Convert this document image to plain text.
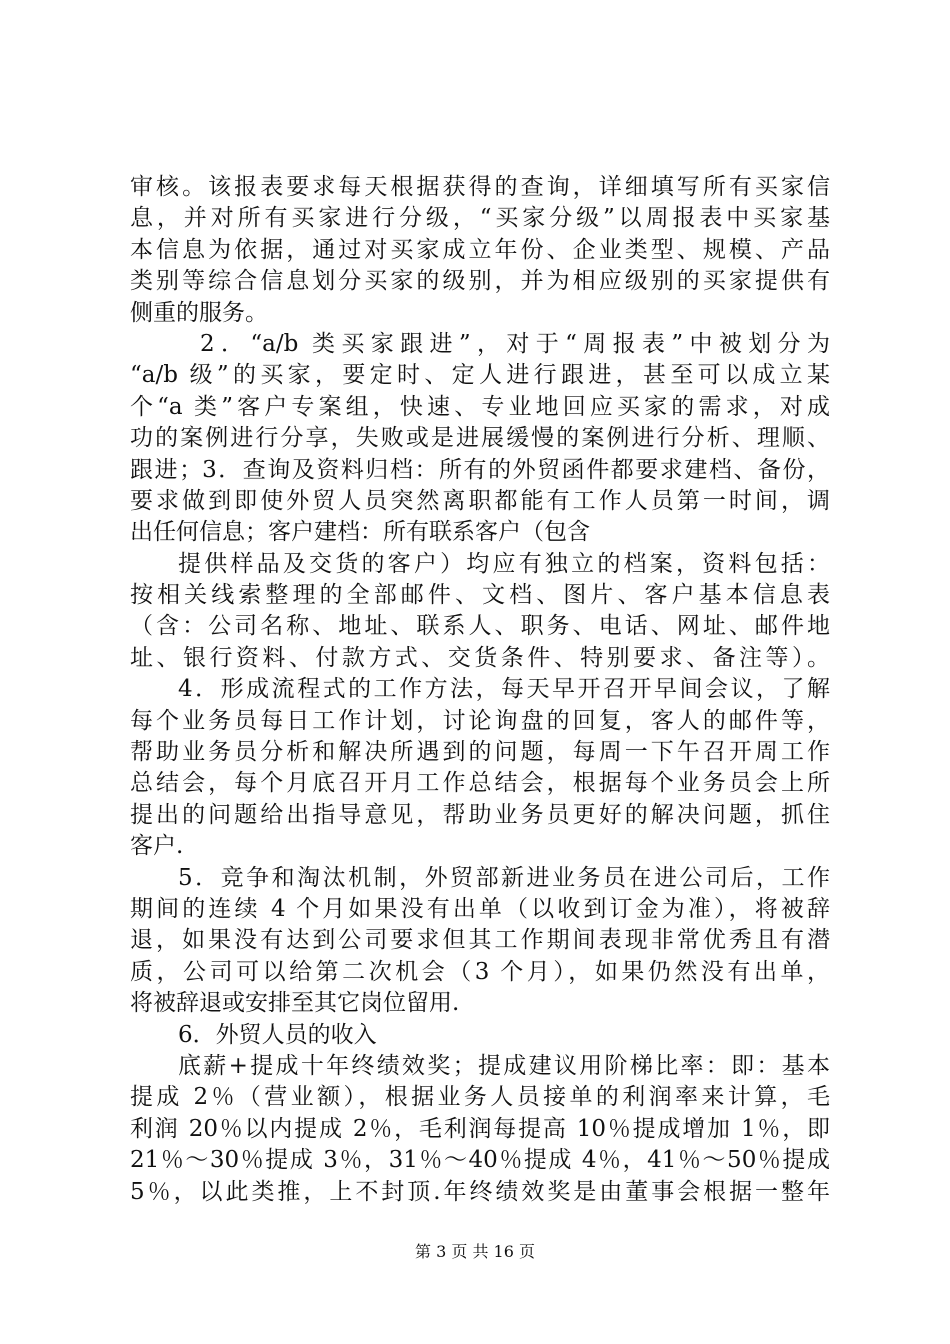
审核。该报表要求每天根据获得的查询，详细填写所有买家信
息，并对所有买家进行分级，“买家分级”以周报表中买家基
本信息为依据，通过对买家成立年份、企业类型、规模、产品
类别等综合信息划分买家的级别，并为相应级别的买家提供有
侧重的服务。
2．“a/b 类买家跟进”，对于“周报表”中被划分为
“a/b 级”的买家，要定时、定人进行跟进，甚至可以成立某
个“a 类”客户专案组，快速、专业地回应买家的需求，对成
功的案例进行分享，失败或是进展缓慢的案例进行分析、理顺、
跟进；3．查询及资料归档：所有的外贸函件都要求建档、备份，
要求做到即使外贸人员突然离职都能有工作人员第一时间，调
出任何信息；客户建档：所有联系客户（包含
提供样品及交货的客户）均应有独立的档案，资料包括：
按相关线索整理的全部邮件、文档、图片、客户基本信息表
（含：公司名称、地址、联系人、职务、电话、网址、邮件地
址、银行资料、付款方式、交货条件、特别要求、备注等）。
4．形成流程式的工作方法，每天早开召开早间会议，了解
每个业务员每日工作计划，讨论询盘的回复，客人的邮件等，
帮助业务员分析和解决所遇到的问题，每周一下午召开周工作
总结会，每个月底召开月工作总结会，根据每个业务员会上所
提出的问题给出指导意见，帮助业务员更好的解决问题，抓住
客户.
5．竞争和淘汰机制，外贸部新进业务员在进公司后，工作
期间的连续 4 个月如果没有出单（以收到订金为准），将被辞
退，如果没有达到公司要求但其工作期间表现非常优秀且有潜
质，公司可以给第二次机会（3 个月），如果仍然没有出单，
将被辞退或安排至其它岗位留用.
6．外贸人员的收入
底薪+提成十年终绩效奖；提成建议用阶梯比率：即：基本
提成 2％（营业额），根据业务人员接单的利润率来计算，毛
利润 20％以内提成 2％，毛利润每提高 10％提成增加 1％，即
21％～30％提成 3％，31％～40％提成 4％，41％～50％提成
5％，以此类推，上不封顶.年终绩效奖是由董事会根据一整年
第 3 页 共 16 页
